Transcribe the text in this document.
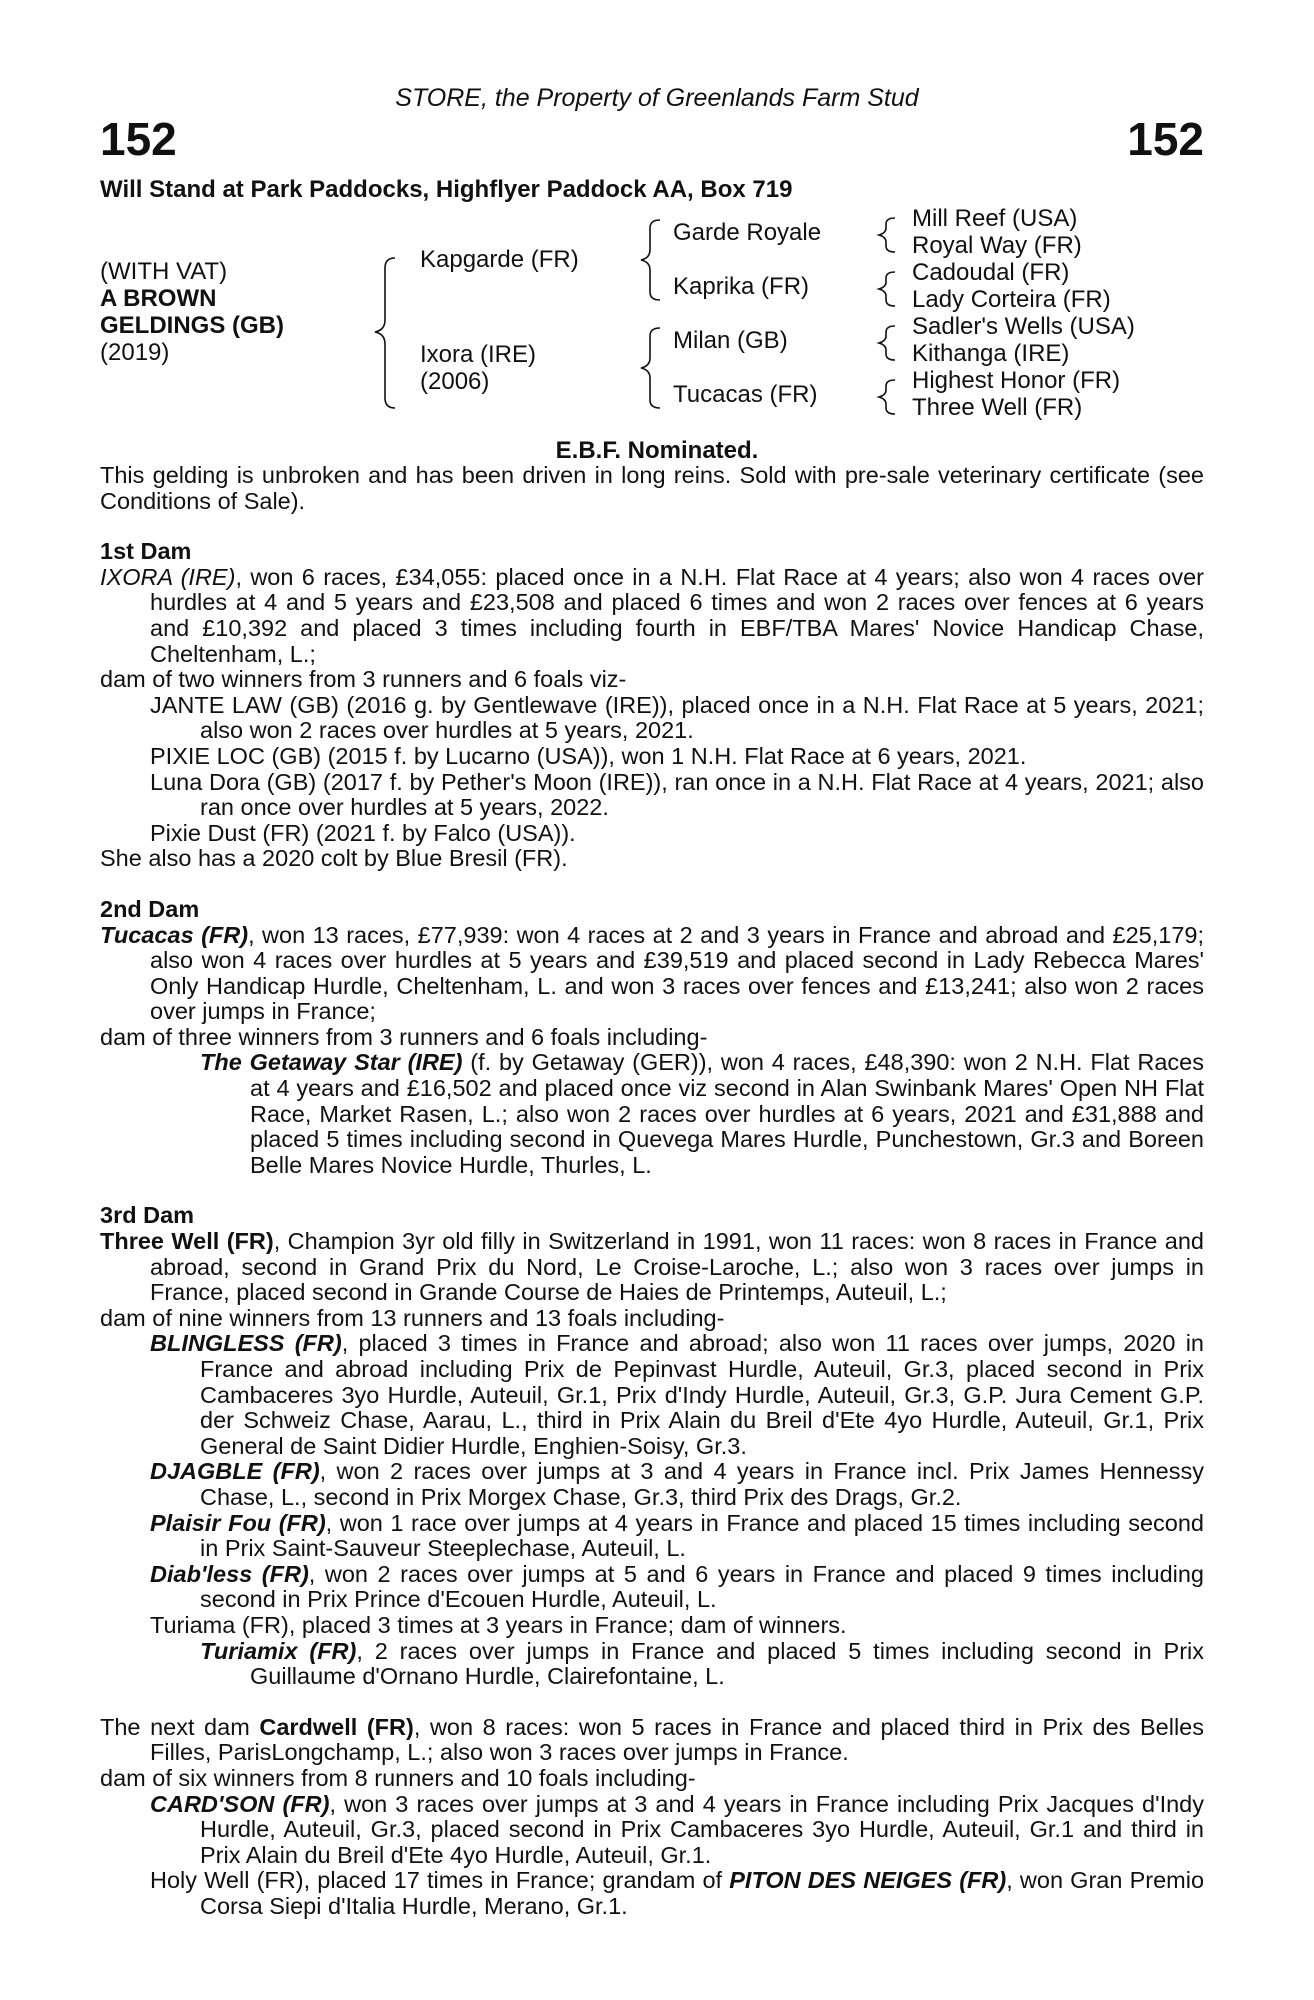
STORE, the Property of Greenlands Farm Stud
152	152
Will Stand at Park Paddocks, Highflyer Paddock AA, Box 719
(WITH VAT)
A BROWN
GELDINGS (GB)
(2019)
Kapgarde (FR)
Ixora (IRE)
(2006)
Garde Royale
Kaprika (FR)
Milan (GB)
Tucacas (FR)
Mill Reef (USA)
Royal Way (FR)
Cadoudal (FR)
Lady Corteira (FR)
Sadler's Wells (USA)
Kithanga (IRE)
Highest Honor (FR)
Three Well (FR)
E.B.F. Nominated.

This gelding is unbroken and has been driven in long reins. Sold with pre-sale veterinary certificate (see Conditions of Sale).

1st Dam

IXORA (IRE), won 6 races, £34,055: placed once in a N.H. Flat Race at 4 years; also won 4 races over hurdles at 4 and 5 years and £23,508 and placed 6 times and won 2 races over fences at 6 years and £10,392 and placed 3 times including fourth in EBF/TBA Mares' Novice Handicap Chase, Cheltenham, L.;

dam of two winners from 3 runners and 6 foals viz-

JANTE LAW (GB) (2016 g. by Gentlewave (IRE)), placed once in a N.H. Flat Race at 5 years, 2021; also won 2 races over hurdles at 5 years, 2021.

PIXIE LOC (GB) (2015 f. by Lucarno (USA)), won 1 N.H. Flat Race at 6 years, 2021.

Luna Dora (GB) (2017 f. by Pether's Moon (IRE)), ran once in a N.H. Flat Race at 4 years, 2021; also ran once over hurdles at 5 years, 2022.

Pixie Dust (FR) (2021 f. by Falco (USA)).

She also has a 2020 colt by Blue Bresil (FR).

2nd Dam

Tucacas (FR), won 13 races, £77,939: won 4 races at 2 and 3 years in France and abroad and £25,179; also won 4 races over hurdles at 5 years and £39,519 and placed second in Lady Rebecca Mares' Only Handicap Hurdle, Cheltenham, L. and won 3 races over fences and £13,241; also won 2 races over jumps in France;

dam of three winners from 3 runners and 6 foals including-

The Getaway Star (IRE) (f. by Getaway (GER)), won 4 races, £48,390: won 2 N.H. Flat Races at 4 years and £16,502 and placed once viz second in Alan Swinbank Mares' Open NH Flat Race, Market Rasen, L.; also won 2 races over hurdles at 6 years, 2021 and £31,888 and placed 5 times including second in Quevega Mares Hurdle, Punchestown, Gr.3 and Boreen Belle Mares Novice Hurdle, Thurles, L.

3rd Dam

Three Well (FR), Champion 3yr old filly in Switzerland in 1991, won 11 races: won 8 races in France and abroad, second in Grand Prix du Nord, Le Croise-Laroche, L.; also won 3 races over jumps in France, placed second in Grande Course de Haies de Printemps, Auteuil, L.;

dam of nine winners from 13 runners and 13 foals including-

BLINGLESS (FR), placed 3 times in France and abroad; also won 11 races over jumps, 2020 in France and abroad including Prix de Pepinvast Hurdle, Auteuil, Gr.3, placed second in Prix Cambaceres 3yo Hurdle, Auteuil, Gr.1, Prix d'Indy Hurdle, Auteuil, Gr.3, G.P. Jura Cement G.P. der Schweiz Chase, Aarau, L., third in Prix Alain du Breil d'Ete 4yo Hurdle, Auteuil, Gr.1, Prix General de Saint Didier Hurdle, Enghien-Soisy, Gr.3.

DJAGBLE (FR), won 2 races over jumps at 3 and 4 years in France incl. Prix James Hennessy Chase, L., second in Prix Morgex Chase, Gr.3, third Prix des Drags, Gr.2.

Plaisir Fou (FR), won 1 race over jumps at 4 years in France and placed 15 times including second in Prix Saint-Sauveur Steeplechase, Auteuil, L.

Diab'less (FR), won 2 races over jumps at 5 and 6 years in France and placed 9 times including second in Prix Prince d'Ecouen Hurdle, Auteuil, L.

Turiama (FR), placed 3 times at 3 years in France; dam of winners.

Turiamix (FR), 2 races over jumps in France and placed 5 times including second in Prix Guillaume d'Ornano Hurdle, Clairefontaine, L.

The next dam Cardwell (FR), won 8 races: won 5 races in France and placed third in Prix des Belles Filles, ParisLongchamp, L.; also won 3 races over jumps in France.

dam of six winners from 8 runners and 10 foals including-

CARD'SON (FR), won 3 races over jumps at 3 and 4 years in France including Prix Jacques d'Indy Hurdle, Auteuil, Gr.3, placed second in Prix Cambaceres 3yo Hurdle, Auteuil, Gr.1 and third in Prix Alain du Breil d'Ete 4yo Hurdle, Auteuil, Gr.1.

Holy Well (FR), placed 17 times in France; grandam of PITON DES NEIGES (FR), won Gran Premio Corsa Siepi d'Italia Hurdle, Merano, Gr.1.
